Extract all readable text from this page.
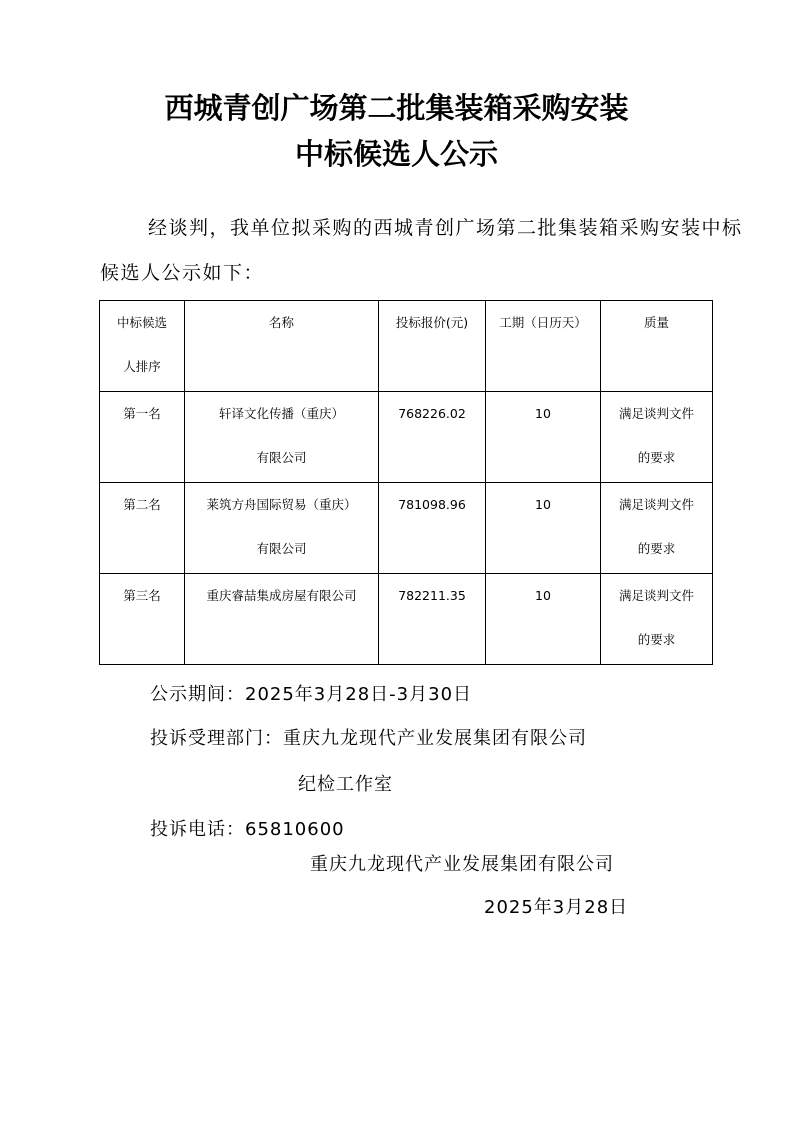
西城青创广场第二批集装箱采购安装
中标候选人公示
经谈判，我单位拟采购的西城青创广场第二批集装箱采购安装中标
候选人公示如下：
中标候选
人排序	名称	投标报价(元)	工期（日历天）	质量
第一名	轩译文化传播（重庆）
有限公司	768226.02	10	满足谈判文件
的要求

第二名	莱筑方舟国际贸易（重庆）
有限公司	781098.96	10	满足谈判文件
的要求

第三名	重庆睿喆集成房屋有限公司	782211.35	10	满足谈判文件
的要求
公示期间：2025年3月28日-3月30日
投诉受理部门：重庆九龙现代产业发展集团有限公司
纪检工作室
投诉电话：65810600
重庆九龙现代产业发展集团有限公司
2025年3月28日
